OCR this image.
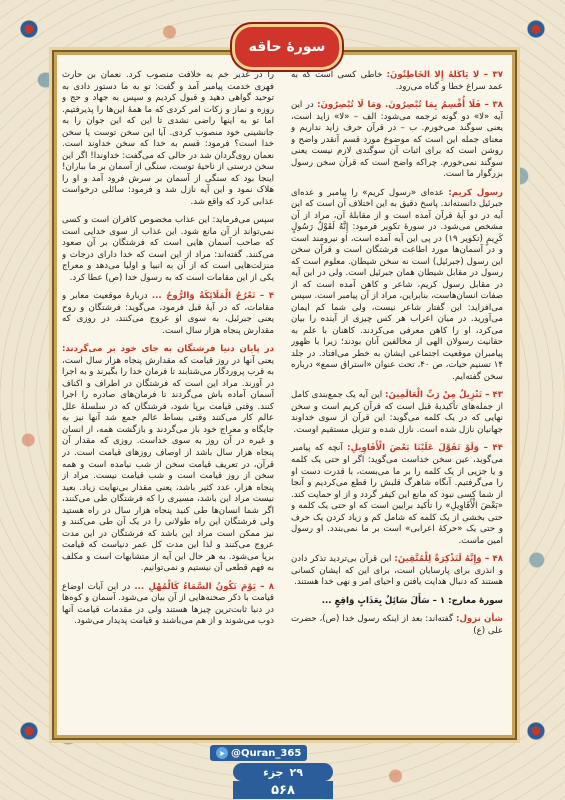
سورهٔ حاقه

۳۷ – لَا يَأْكُلُهُ إِلَّا الْخَاطِئُونَ: خاطی کسی است که به عمد سراغ خطا و گناه می‌رود.

۳۸ – فَلَا أُقْسِمُ بِمَا تُبْصِرُونَ. وَمَا لَا تُبْصِرُونَ: در این آیه «لا» دو گونه ترجمه می‌شود: الف – «لا» زاید است، یعنی سوگند می‌خورم. ب – در قرآن حرف زاید نداریم و معنای جمله این است که موضوع مورد قسم آنقدر واضح و روشن است که برای اثبات آن سوگندی لازم نیست یعنی سوگند نمی‌خورم. چراکه واضح است که قرآن سخن رسول بزرگوار ما است.

رسول کریم: عده‌ای «رسول کریم» را پیامبر و عده‌ای جبرئیل دانسته‌اند. پاسخ دقیق به این اختلاف آن است که این آیه در دو آیهٔ قرآن آمده است و از مقابلهٔ آن، مراد از آن مشخص می‌شود. در سورهٔ تکویر فرمود: إِنَّهُ لَقَوْلُ رَسُولٍ كَرِيمٍ (تکویر ۱۹) در پی این آیه آمده است، او نیرومند است و در آسمان‌ها مورد اطاعت فرشتگان است و قرآن سخن این رسول (جبرئیل) است نه سخن شیطان. معلوم است که رسول در مقابل شیطان همان جبرئیل است. ولی در این آیه در مقابل رسول کریم، شاعر و کاهن آمده است که از صفات انسان‌هاست، بنابراین، مراد از آن پیامبر است. سپس می‌افزاید: این گفتار شاعر نیست، ولی شما کم ایمان می‌آورید. در میان اعراب هر کس چیزی از آینده را بیان می‌کرد، او را کاهن معرفی می‌کردند. کاهنان با علم به حقانیت رسولان الهی از مخالفین آنان بودند؛ زیرا با ظهور پیامبران موقعیت اجتماعی ایشان به خطر می‌افتاد. در جلد ۱۴ تسنیم حیات، ص ۴۰، تحت عنوان «استراق سمع» درباره سخن گفته‌ایم.

۴۳ – تَنْزِيلٌ مِنْ رَبِّ الْعَالَمِينَ: این آیه یک جمع‌بندی کامل از جمله‌های تأکیدیهٔ قبل است که قرآن کریم است و سخن نهایی که در یک کلمه می‌گوید: این قرآن از سوی خداوند جهانیان نازل شده است. نازل شده و تنزیل مستقیم اوست.

۴۴ – وَلَوْ تَقَوَّلَ عَلَيْنَا بَعْضَ الْأَقَاوِيلِ: آنچه که پیامبر می‌گوید، عین سخن خداست می‌گوید: اگر او حتی یک کلمه و یا جزیی از یک کلمه را بر ما می‌بست، با قدرت دست او را می‌گرفتیم. آنگاه شاهرگ قلبش را قطع می‌کردیم و آنجا از شما کسی نبود که مانع این کیفر گردد و از او حمایت کند. «بَعْضَ الْأَقَاوِيلِ» را تأکید برایین است که او حتی یک کلمه و حتی بخشی از یک کلمه که شامل کم و زیاد کردن یک حرف و حتی یک «حرکهٔ اعرابی» است بر ما نمی‌بندد. او رسول امین ماست.

۴۸ – وَإِنَّهُ لَتَذْكِرَةٌ لِلْمُتَّقِينَ: این قرآن بی‌تردید تذکر دادن و انذری برای پارسایان است، برای این که ایشان کسانی هستند که دنبال هدایت یافتن و احیای امر و نهی خدا هستند.

سورهٔ معارج: ۱ – سَأَلَ سَائِلٌ بِعَذَابٍ وَاقِعٍ ...

شأن نزول: گفته‌اند: بعد از اینکه رسول خدا (ص)، حضرت علی (ع)

را در غدیر خم به خلافت منصوب کرد. نعمان بن حارث فهری خدمت پیامبر آمد و گفت: تو به ما دستور دادی به توحید گواهی دهید و قبول کردیم و سپس به جهاد و حج و روزه و نماز و زکات امر کردی که ما همهٔ این‌ها را پذیرفتیم. اما تو به اینها راضی نشدی تا این که این جوان را به جانشینی خود منصوب کردی. آیا این سخن توست یا سخن خدا است؟ فرمود: قسم به خدا که سخن خداوند است. نعمان روی‌گردان شد در حالی که می‌گفت: خداوندا! اگر این سخن درستی از ناحیهٔ توست، سنگی از آسمان بر ما بباران! اینجا بود که سنگی از آسمان بر سرش فرود آمد و او را هلاک نمود و این آیه نازل شد و فرمود: سائلی درخواست عذابی کرد که واقع شد.

سپس می‌فرماید: این عذاب مخصوص کافران است و کسی نمی‌تواند از آن مانع شود. این عذاب از سوی خدایی است که صاحب آسمان هایی است که فرشتگان بر آن صعود می‌کنند. گفته‌اند: مراد از این است که خدا دارای درجات و منزلت‌هایی است که از آن به انبیا و اولیا می‌دهد و معراج یکی از این مقامات است که به رسول خدا (ص) عطا کرد.

۴ – تَعْرُجُ الْمَلَائِكَةُ وَالرُّوحُ ... دربارهٔ موقعیت معابر و مقامات، که در آیهٔ قبل فرمود، می‌گوید: فرشتگان و روح یعنی جبرئیل، به سوی او عروج می‌کنند، در روزی که مقدارش پنجاه هزار سال است.

در پایان دنیا فرشتگان به جای خود بر می‌گردند: یعنی آنها در روز قیامت که مقدارش پنجاه هزار سال است، به قرب پروردگار می‌شتابند تا فرمان خدا را بگیرند و به اجرا در آورند. مراد این است که فرشتگان در اطراف و اکناف آسمان آماده باش می‌گردند تا فرمان‌های صادره را اجرا کنند. وقتی قیامت برپا شود، فرشتگان که در سلسلهٔ علل عالم کار می‌کنند وقتی بساط عالم جمع شد آنها نیز به جایگاه و معراج خود باز می‌گردند و بازگشت همه، از انسان و غیره در آن روز به سوی خداست. روزی که مقدار آن پنجاه هزار سال باشد از اوصاف روزهای قیامت است. در قرآن، در تعریف قیامت سخن از شب نیامده است و همه سخن از روز قیامت است و شب قیامت نیست. مراد از پنجاه هزار، عدد کثیر باشد، یعنی مقدار بی‌نهایت زیاد. بعید نیست مراد این باشد، مسیری را که فرشتگان طی می‌کنند، اگر شما انسان‌ها طی کنید پنجاه هزار سال در راه هستید ولی فرشتگان این راه طولانی را در یک آن طی می‌کنند و نیز ممکن است مراد این باشد که فرشتگان در این مدت عروج می‌کنند و لذا این مدت کل عمر دنیاست که قیامت برپا می‌شود. به هر حال این آیه از متشابهات است و مکلف به فهم قطعی آن نیستیم و نمی‌توانیم.

۸ – يَوْمَ تَكُونُ السَّمَاءُ كَالْمُهْلِ ... در این آیات اوضاع قیامت با ذکر صحنه‌هایی از آن بیان می‌شود. آسمان و کوه‌ها در دنیا ثابت‌ترین چیزها هستند ولی در مقدمات قیامت آنها ذوب می‌شوند و از هم می‌باشند و قیامت پدیدار می‌شود.

➤ @Quran_365
جزء ۲۹
۵۶۸
